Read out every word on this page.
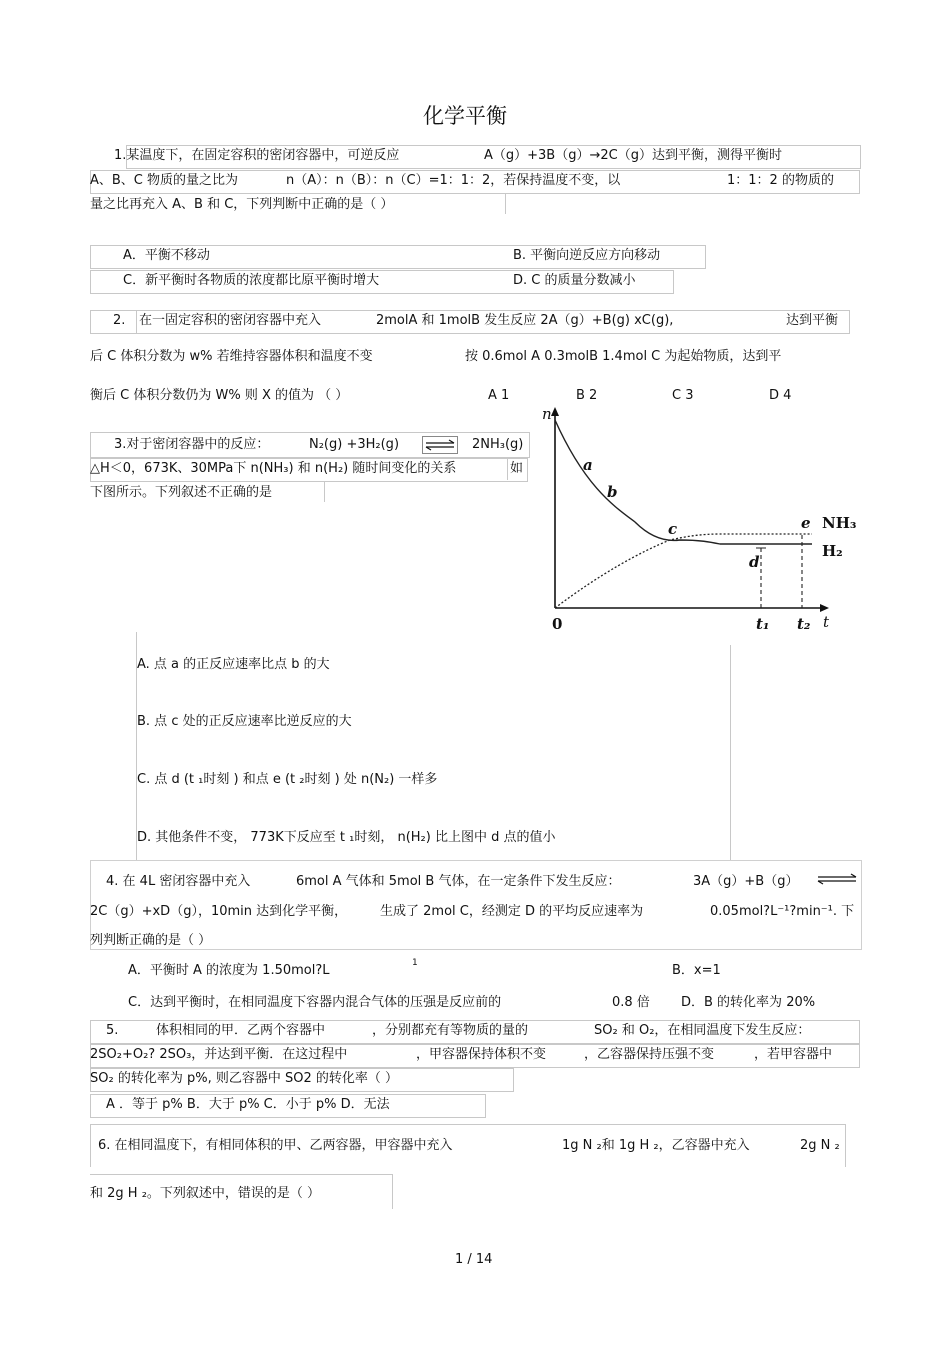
化学平衡
1.某温度下，在固定容积的密闭容器中，可逆反应	A（g）+3B（g）→2C（g）达到平衡，测得平衡时
A、B、C 物质的量之比为	n（A）：n（B）：n（C）=1：1：2，若保持温度不变，以	1：1：2 的物质的
量之比再充入 A、B 和 C，下列判断中正确的是（ ）
A．平衡不移动	B. 平衡向逆反应方向移动
C．新平衡时各物质的浓度都比原平衡时增大	D. C 的质量分数减小
2. 在一固定容积的密闭容器中充入	2molA 和 1molB 发生反应 2A（g）+B(g) xC(g),	达到平衡
后 C 体积分数为 w% 若维持容器体积和温度不变	按 0.6mol A 0.3molB 1.4mol C 为起始物质，达到平
衡后 C 体积分数仍为 W% 则 X 的值为 （ ）	A 1	B 2	C 3	D 4
3.对于密闭容器中的反应：	N₂(g) +3H₂(g)	2NH₃(g)
△H＜0，673K、30MPa下 n(NH₃) 和 n(H₂) 随时间变化的关系	如
下图所示。下列叙述不正确的是
n
t
0
a
b
c
d
e NH₃
H₂
t₁ t₂
A. 点 a 的正反应速率比点 b 的大
B. 点 c 处的正反应速率比逆反应的大
C. 点 d (t ₁时刻 ) 和点 e (t ₂时刻 ) 处 n(N₂) 一样多
D. 其他条件不变， 773K下反应至 t ₁时刻， n(H₂) 比上图中 d 点的值小
4. 在 4L 密闭容器中充入	6mol A 气体和 5mol B 气体，在一定条件下发生反应：	3A（g）+B（g）
2C（g）+xD（g），10min 达到化学平衡，	生成了 2mol C，经测定 D 的平均反应速率为	0.05mol?L⁻¹?min⁻¹. 下
列判断正确的是（ ）
A．平衡时 A 的浓度为 1.50mol?L	1	B．x=1
C．达到平衡时，在相同温度下容器内混合气体的压强是反应前的	0.8 倍 D．B 的转化率为 20%
5.	体积相同的甲．乙两个容器中	，分别都充有等物质的量的	SO₂ 和 O₂，在相同温度下发生反应：
2SO₂+O₂? 2SO₃，并达到平衡．在这过程中	，甲容器保持体积不变	，乙容器保持压强不变	，若甲容器中
SO₂ 的转化率为 p%, 则乙容器中 SO2 的转化率（ ）
A ．等于 p% B．大于 p% C．小于 p% D．无法
6. 在相同温度下，有相同体积的甲、乙两容器，甲容器中充入	1g N ₂和 1g H ₂，乙容器中充入	2g N ₂
和 2g H ₂。下列叙述中，错误的是（ ）
1 / 14
